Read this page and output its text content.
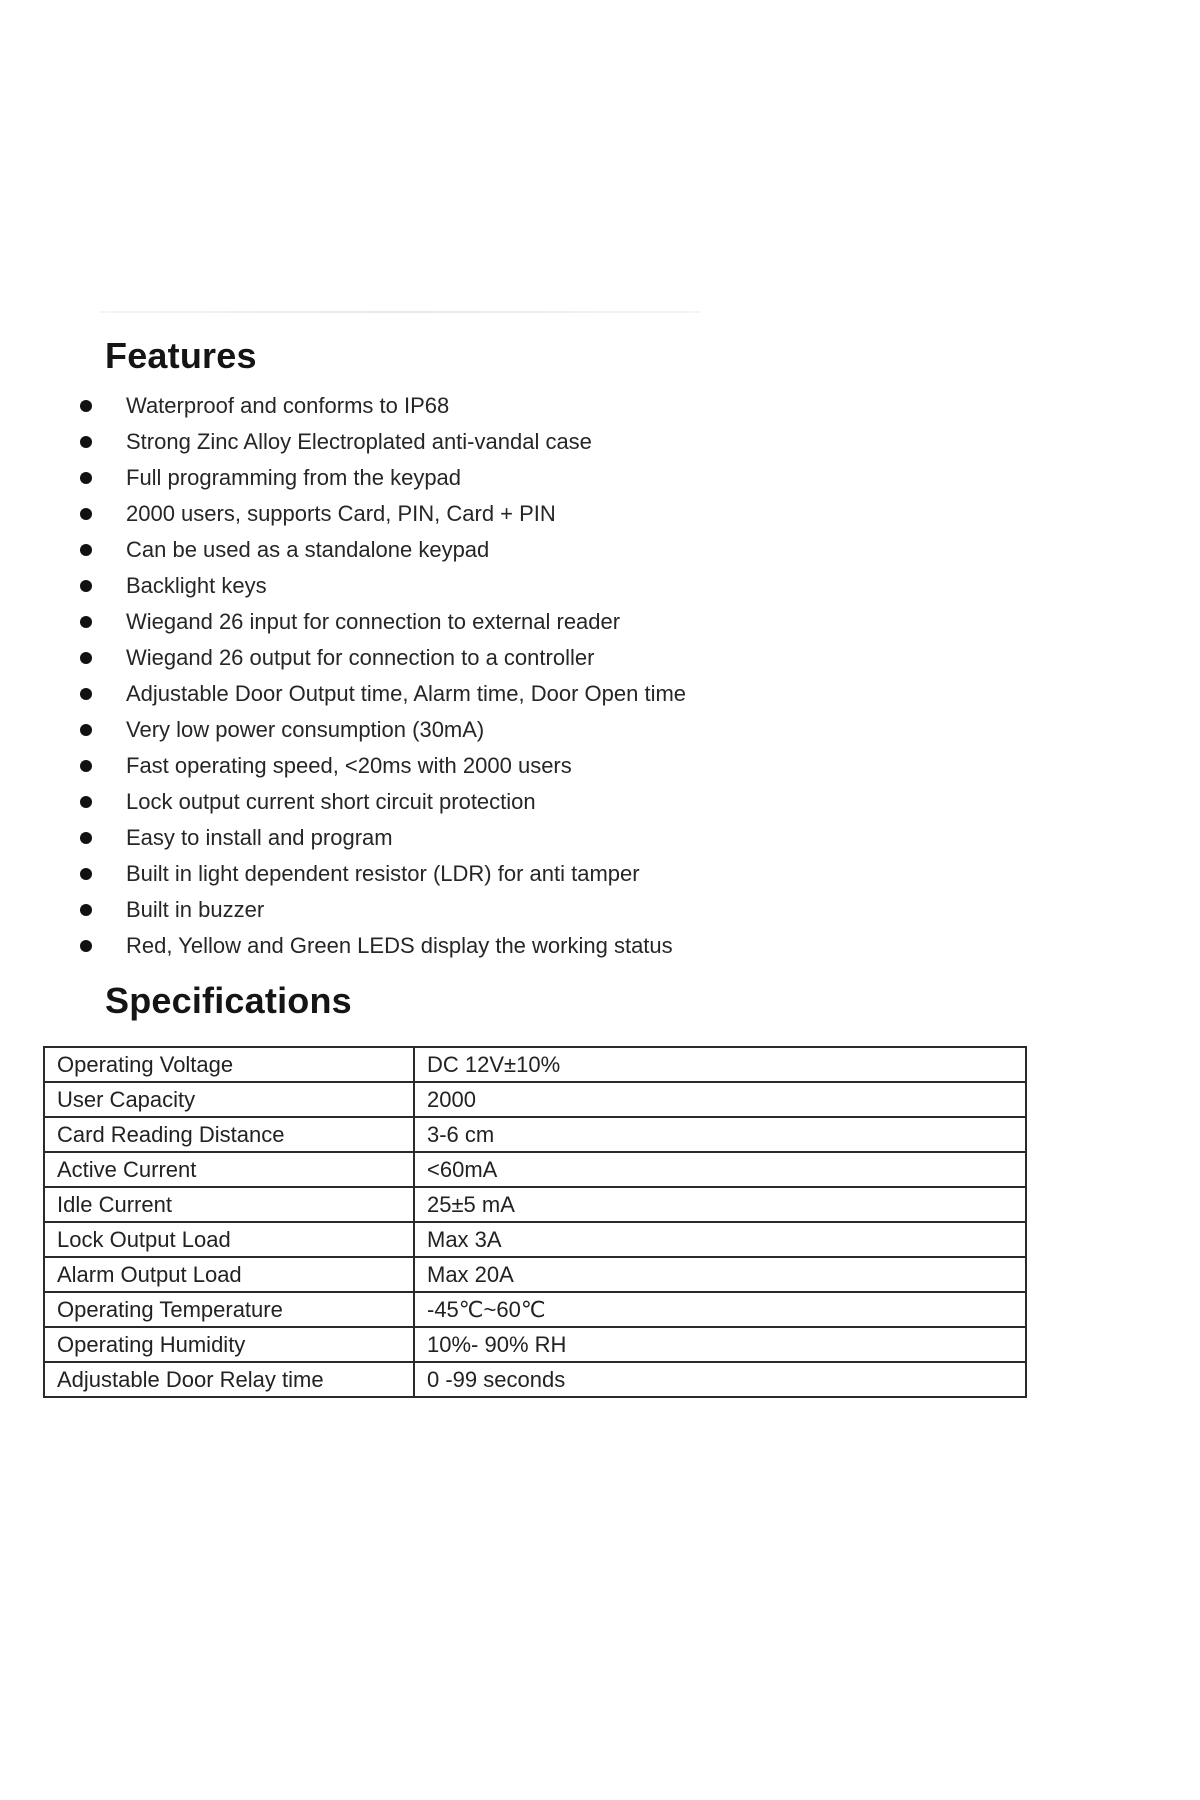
Features
Waterproof and conforms to IP68
Strong Zinc Alloy Electroplated anti-vandal case
Full programming from the keypad
2000 users, supports Card, PIN, Card + PIN
Can be used as a standalone keypad
Backlight keys
Wiegand 26 input for connection to external reader
Wiegand 26 output for connection to a controller
Adjustable Door Output time, Alarm time, Door Open time
Very low power consumption (30mA)
Fast operating speed, <20ms with 2000 users
Lock output current short circuit protection
Easy to install and program
Built in light dependent resistor (LDR) for anti tamper
Built in buzzer
Red, Yellow and Green LEDS display the working status
Specifications
Operating Voltage	DC 12V±10%
User Capacity	2000
Card Reading Distance	3-6 cm
Active Current	<60mA
Idle Current	25±5 mA
Lock Output Load	Max 3A
Alarm Output Load	Max 20A
Operating Temperature	-45℃~60℃
Operating Humidity	10%- 90% RH
Adjustable Door Relay time	0 -99 seconds
